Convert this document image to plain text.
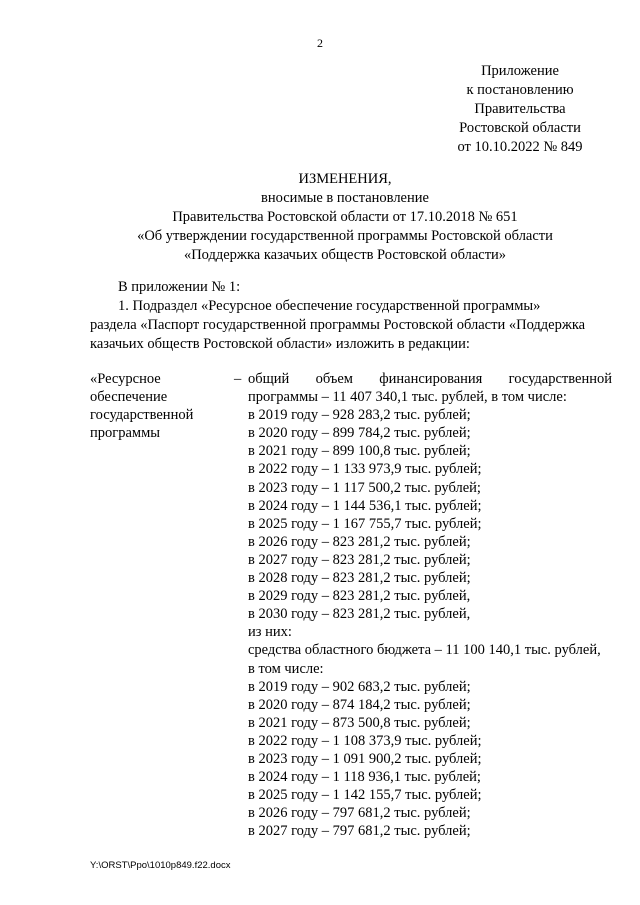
2
Приложение
к постановлению
Правительства
Ростовской области
от 10.10.2022 № 849
ИЗМЕНЕНИЯ,
вносимые в постановление
Правительства Ростовской области от 17.10.2018 № 651
«Об утверждении государственной программы Ростовской области
«Поддержка казачьих обществ Ростовской области»

В приложении № 1:

1. Подраздел «Ресурсное обеспечение государственной программы»

раздела «Паспорт государственной программы Ростовской области «Поддержка

казачьих обществ Ростовской области» изложить в редакции:

«Ресурсное
обеспечение
государственной
программы
– общий объем финансирования государственной
программы – 11 407 340,1 тыс. рублей, в том числе:
в 2019 году – 928 283,2 тыс. рублей;
в 2020 году – 899 784,2 тыс. рублей;
в 2021 году – 899 100,8 тыс. рублей;
в 2022 году – 1 133 973,9 тыс. рублей;
в 2023 году – 1 117 500,2 тыс. рублей;
в 2024 году – 1 144 536,1 тыс. рублей;
в 2025 году – 1 167 755,7 тыс. рублей;
в 2026 году – 823 281,2 тыс. рублей;
в 2027 году – 823 281,2 тыс. рублей;
в 2028 году – 823 281,2 тыс. рублей;
в 2029 году – 823 281,2 тыс. рублей,
в 2030 году – 823 281,2 тыс. рублей,
из них:
средства областного бюджета – 11 100 140,1 тыс. рублей,
в том числе:
в 2019 году – 902 683,2 тыс. рублей;
в 2020 году – 874 184,2 тыс. рублей;
в 2021 году – 873 500,8 тыс. рублей;
в 2022 году – 1 108 373,9 тыс. рублей;
в 2023 году – 1 091 900,2 тыс. рублей;
в 2024 году – 1 118 936,1 тыс. рублей;
в 2025 году – 1 142 155,7 тыс. рублей;
в 2026 году – 797 681,2 тыс. рублей;
в 2027 году – 797 681,2 тыс. рублей;
Y:\ORST\Ppo\1010p849.f22.docx
